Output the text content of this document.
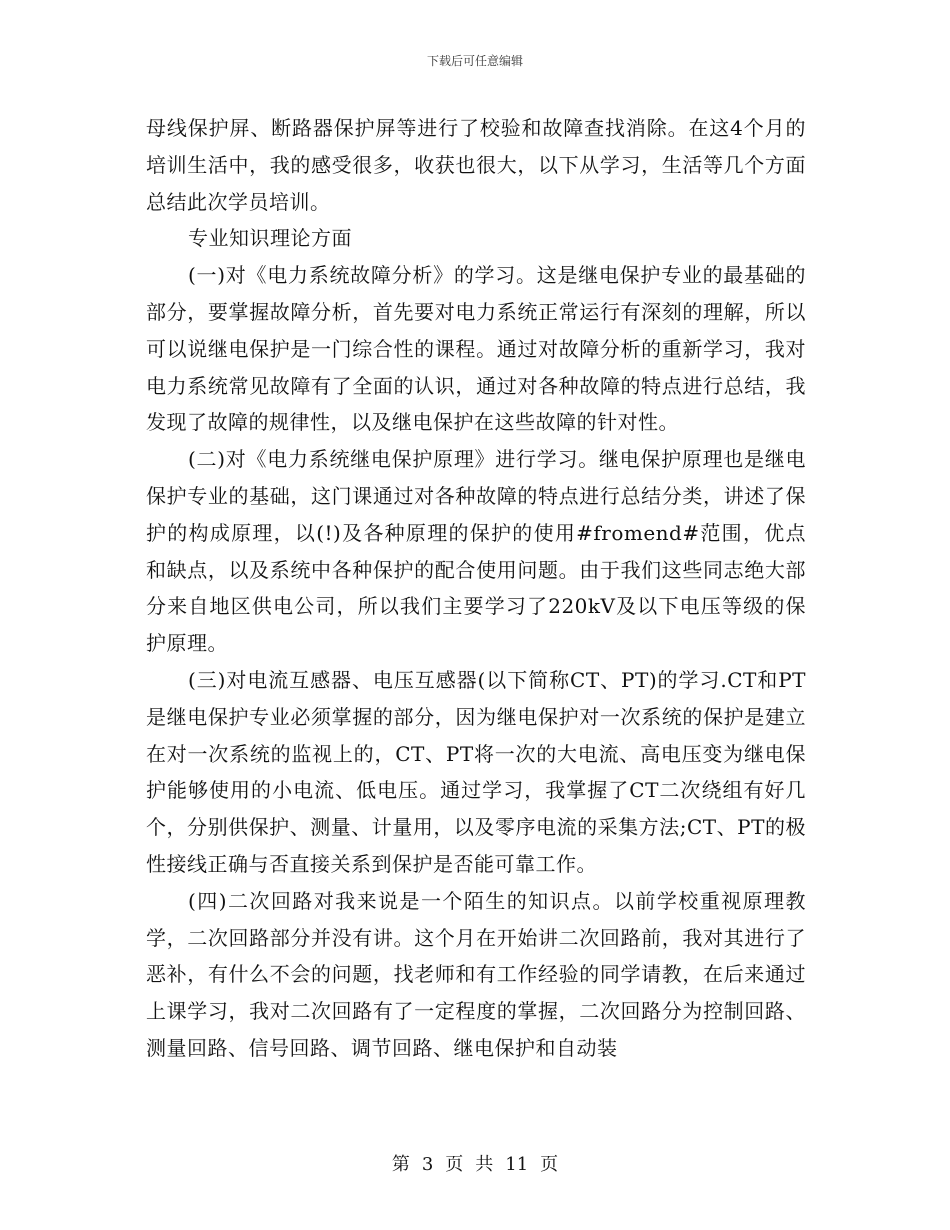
下载后可任意编辑

母线保护屏、断路器保护屏等进行了校验和故障查找消除。在这4个月的培训生活中，我的感受很多，收获也很大，以下从学习，生活等几个方面总结此次学员培训。

专业知识理论方面

(一)对《电力系统故障分析》的学习。这是继电保护专业的最基础的部分，要掌握故障分析，首先要对电力系统正常运行有深刻的理解，所以可以说继电保护是一门综合性的课程。通过对故障分析的重新学习，我对电力系统常见故障有了全面的认识，通过对各种故障的特点进行总结，我发现了故障的规律性，以及继电保护在这些故障的针对性。

(二)对《电力系统继电保护原理》进行学习。继电保护原理也是继电保护专业的基础，这门课通过对各种故障的特点进行总结分类，讲述了保护的构成原理，以(!)及各种原理的保护的使用#fromend#范围，优点和缺点，以及系统中各种保护的配合使用问题。由于我们这些同志绝大部分来自地区供电公司，所以我们主要学习了220kV及以下电压等级的保护原理。

(三)对电流互感器、电压互感器(以下简称CT、PT)的学习.CT和PT是继电保护专业必须掌握的部分，因为继电保护对一次系统的保护是建立在对一次系统的监视上的，CT、PT将一次的大电流、高电压变为继电保护能够使用的小电流、低电压。通过学习，我掌握了CT二次绕组有好几个，分别供保护、测量、计量用，以及零序电流的采集方法;CT、PT的极性接线正确与否直接关系到保护是否能可靠工作。

(四)二次回路对我来说是一个陌生的知识点。以前学校重视原理教学，二次回路部分并没有讲。这个月在开始讲二次回路前，我对其进行了恶补，有什么不会的问题，找老师和有工作经验的同学请教，在后来通过上课学习，我对二次回路有了一定程度的掌握，二次回路分为控制回路、测量回路、信号回路、调节回路、继电保护和自动装

第 3 页 共 11 页
